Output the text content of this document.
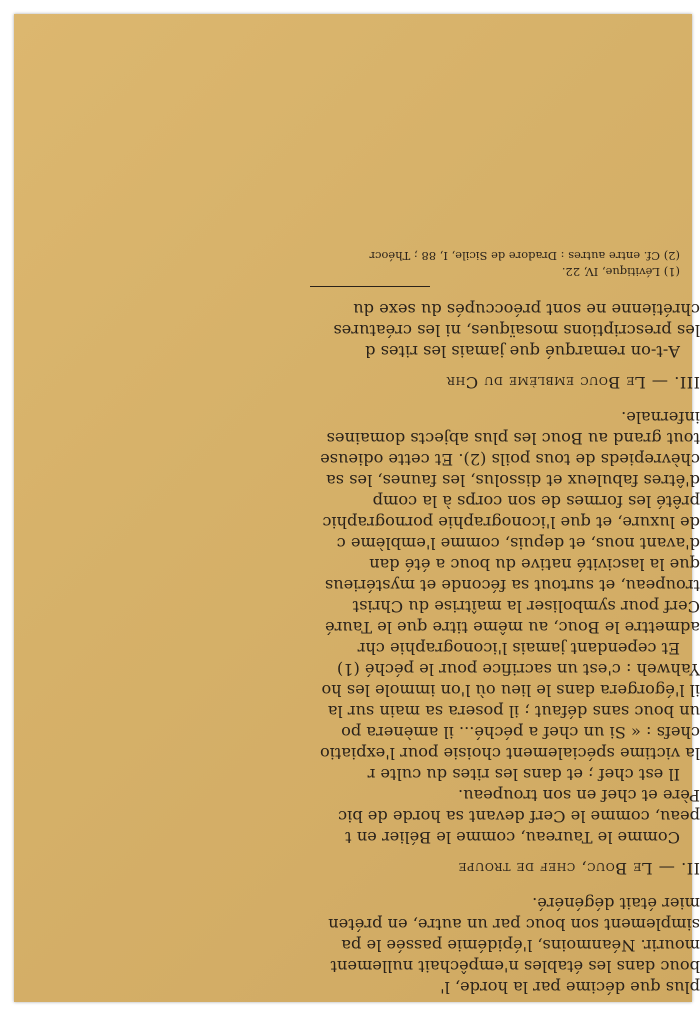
plus que décime par la horde, l'

bouc dans les étables n'empêchait nullement

mourir. Néanmoins, l'épidémie passée le pa

simplement son bouc par un autre, en préten

mier était dégénéré.

II. — Le Bouc, chef de troupe

Comme le Taureau, comme le Bélier en t

peau, comme le Cerf devant sa horde de bic

Père et chef en son troupeau.

Il est chef ; et dans les rites du culte r

la victime spécialement choisie pour l'expiatio

chefs : « Si un chef a péché... il amènera po

un bouc sans défaut ; il posera sa main sur la

il l'égorgera dans le lieu où l'on immole les ho

Yahweh : c'est un sacrifice pour le péché (1)

Et cependant jamais l'iconographie chr

admettre le Bouc, au même titre que le Tauré

Cerf pour symboliser la maîtrise du Christ

troupeau, et surtout sa féconde et mystérieus

que la lascivité native du bouc a été dan

d'avant nous, et depuis, comme l'emblème c

de luxure, et que l'iconographie pornographic

prêté les formes de son corps à la comp

d'êtres fabuleux et dissolus, les faunes, les sa

chèvrepieds de tous poils (2). Et cette odieuse

tout grand au Bouc les plus abjects domaines

infernale.

III. — Le Bouc emblème du Chr

A-t-on remarqué que jamais les rites d

les prescriptions mosaïques, ni les créatures

chrétienne ne sont préoccupés du sexe du

(1) Lévitique, IV, 22.

(2) Cf. entre autres : Dradore de Sicile, I, 88 ; Théocr
